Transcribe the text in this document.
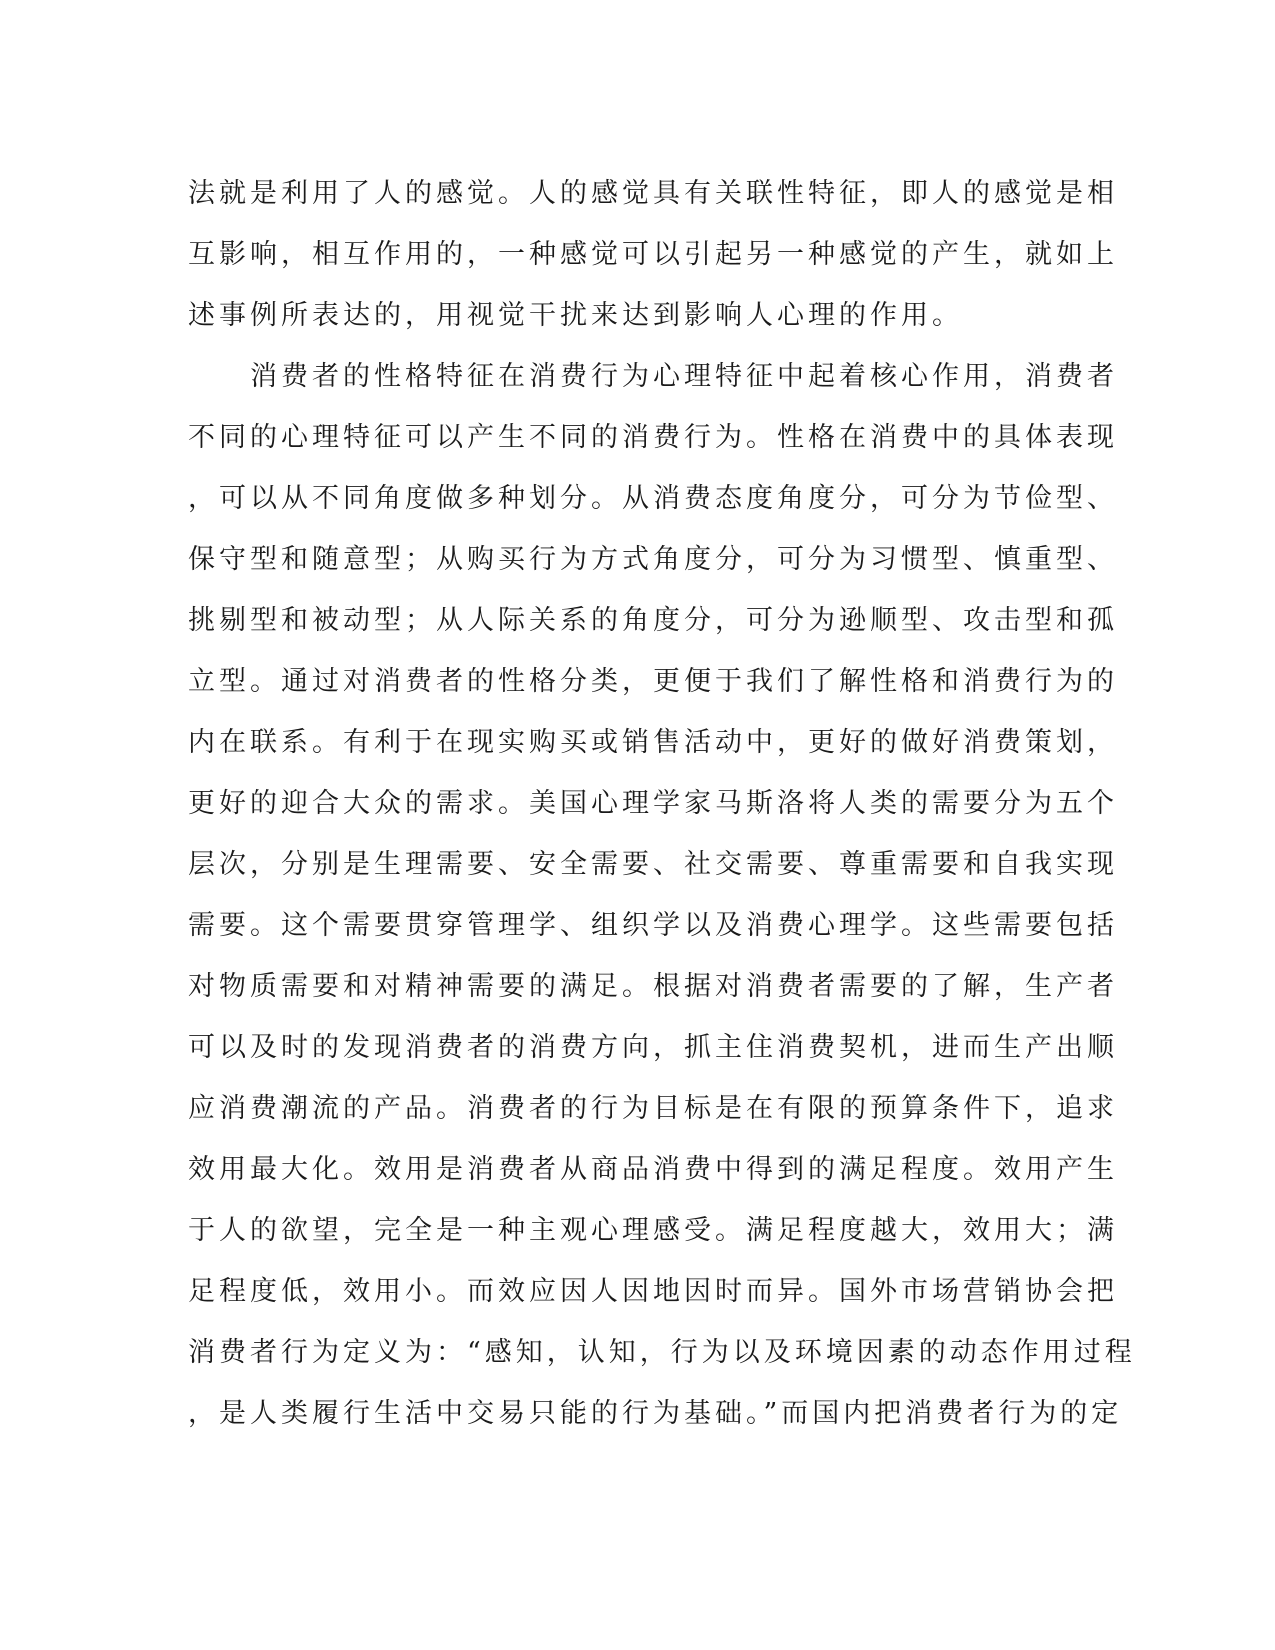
法就是利用了人的感觉。人的感觉具有关联性特征，即人的感觉是相
互影响，相互作用的，一种感觉可以引起另一种感觉的产生，就如上
述事例所表达的，用视觉干扰来达到影响人心理的作用。
　　消费者的性格特征在消费行为心理特征中起着核心作用，消费者
不同的心理特征可以产生不同的消费行为。性格在消费中的具体表现
，可以从不同角度做多种划分。从消费态度角度分，可分为节俭型、
保守型和随意型；从购买行为方式角度分，可分为习惯型、慎重型、
挑剔型和被动型；从人际关系的角度分，可分为逊顺型、攻击型和孤
立型。通过对消费者的性格分类，更便于我们了解性格和消费行为的
内在联系。有利于在现实购买或销售活动中，更好的做好消费策划，
更好的迎合大众的需求。美国心理学家马斯洛将人类的需要分为五个
层次，分别是生理需要、安全需要、社交需要、尊重需要和自我实现
需要。这个需要贯穿管理学、组织学以及消费心理学。这些需要包括
对物质需要和对精神需要的满足。根据对消费者需要的了解，生产者
可以及时的发现消费者的消费方向，抓主住消费契机，进而生产出顺
应消费潮流的产品。消费者的行为目标是在有限的预算条件下，追求
效用最大化。效用是消费者从商品消费中得到的满足程度。效用产生
于人的欲望，完全是一种主观心理感受。满足程度越大，效用大；满
足程度低，效用小。而效应因人因地因时而异。国外市场营销协会把
消费者行为定义为：“感知，认知，行为以及环境因素的动态作用过程
，是人类履行生活中交易只能的行为基础。”而国内把消费者行为的定
